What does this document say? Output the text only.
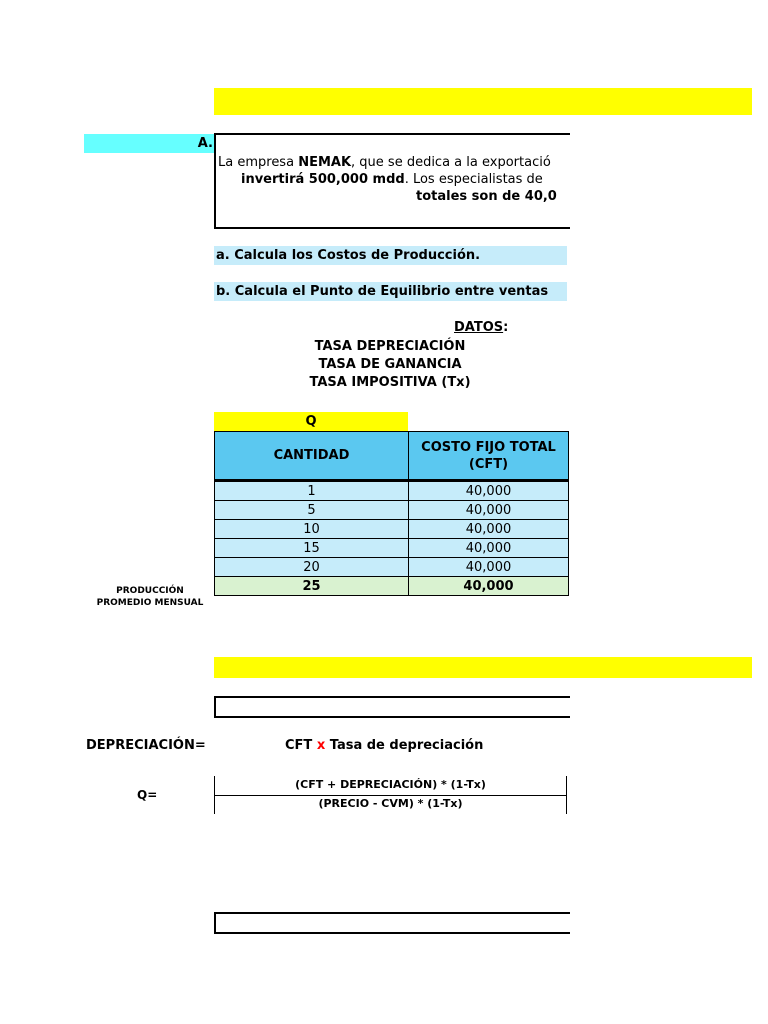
A.
La empresa NEMAK, que se dedica a la exportació
invertirá 500,000 mdd. Los especialistas de
totales son de 40,0
a. Calcula los Costos de Producción.
b. Calcula el Punto de Equilibrio entre ventas
DATOS:
TASA DEPRECIACIÓN
TASA DE GANANCIA
TASA IMPOSITIVA (Tx)
Q
CANTIDAD	COSTO FIJO TOTAL
(CFT)
1	40,000
5	40,000
10	40,000
15	40,000
20	40,000
25	40,000
PRODUCCIÓN
PROMEDIO MENSUAL
DEPRECIACIÓN=	CFT x Tasa de depreciación
Q=
(CFT + DEPRECIACIÓN) * (1-Tx)
(PRECIO - CVM) * (1-Tx)
